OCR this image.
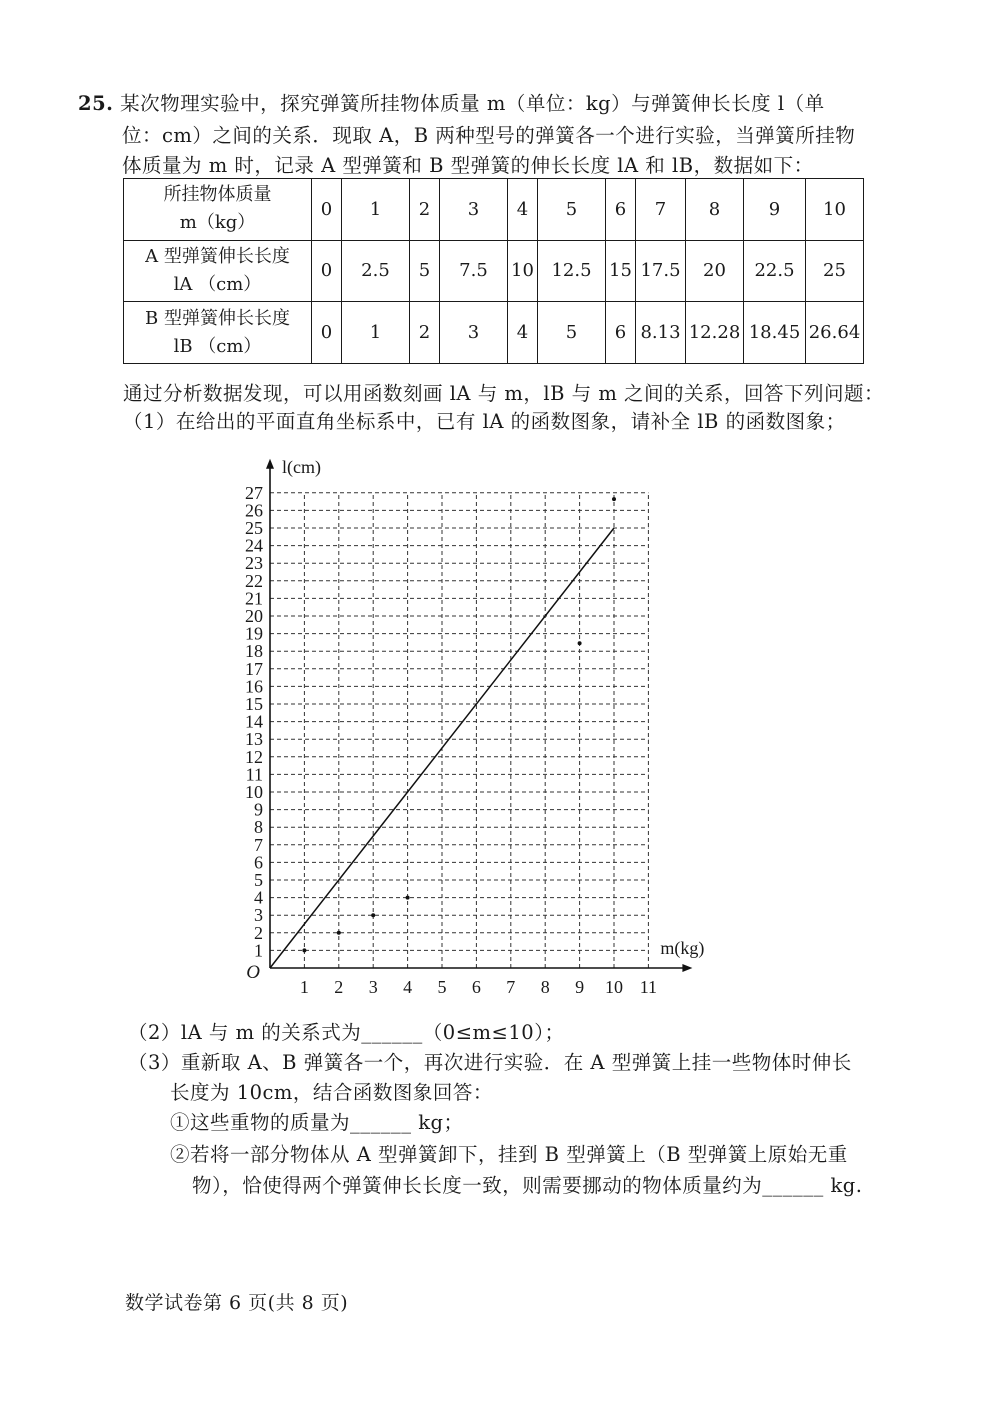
25. 某次物理实验中，探究弹簧所挂物体质量 m（单位：kg）与弹簧伸长长度 l（单
位：cm）之间的关系．现取 A，B 两种型号的弹簧各一个进行实验，当弹簧所挂物
体质量为 m 时，记录 A 型弹簧和 B 型弹簧的伸长长度 lA 和 lB，数据如下：
所挂物体质量
m（kg）	0	1	2	3	4	5	6	7	8	9	10

A 型弹簧伸长长度
lA （cm）	0	2.5	5	7.5	10	12.5	15	17.5	20	22.5	25

B 型弹簧伸长长度
lB （cm）	0	1	2	3	4	5	6	8.13	12.28	18.45	26.64
通过分析数据发现，可以用函数刻画 lA 与 m，lB 与 m 之间的关系，回答下列问题：
（1）在给出的平面直角坐标系中，已有 lA 的函数图象，请补全 lB 的函数图象；
1 2 3 4 5 6 7 8 9 10 11
1
2
3
4
5
6
7
8
9
10
11
12
13
14
15
16
17
18
19
20
21
22
23
24
25
26
27
O
m(kg)
l(cm)
（2）lA 与 m 的关系式为______（0≤m≤10）；
（3）重新取 A、B 弹簧各一个，再次进行实验．在 A 型弹簧上挂一些物体时伸长
长度为 10cm，结合函数图象回答：
①这些重物的质量为______ kg；
②若将一部分物体从 A 型弹簧卸下，挂到 B 型弹簧上（B 型弹簧上原始无重
物），恰使得两个弹簧伸长长度一致，则需要挪动的物体质量约为______ kg.
数学试卷第 6 页(共 8 页)
